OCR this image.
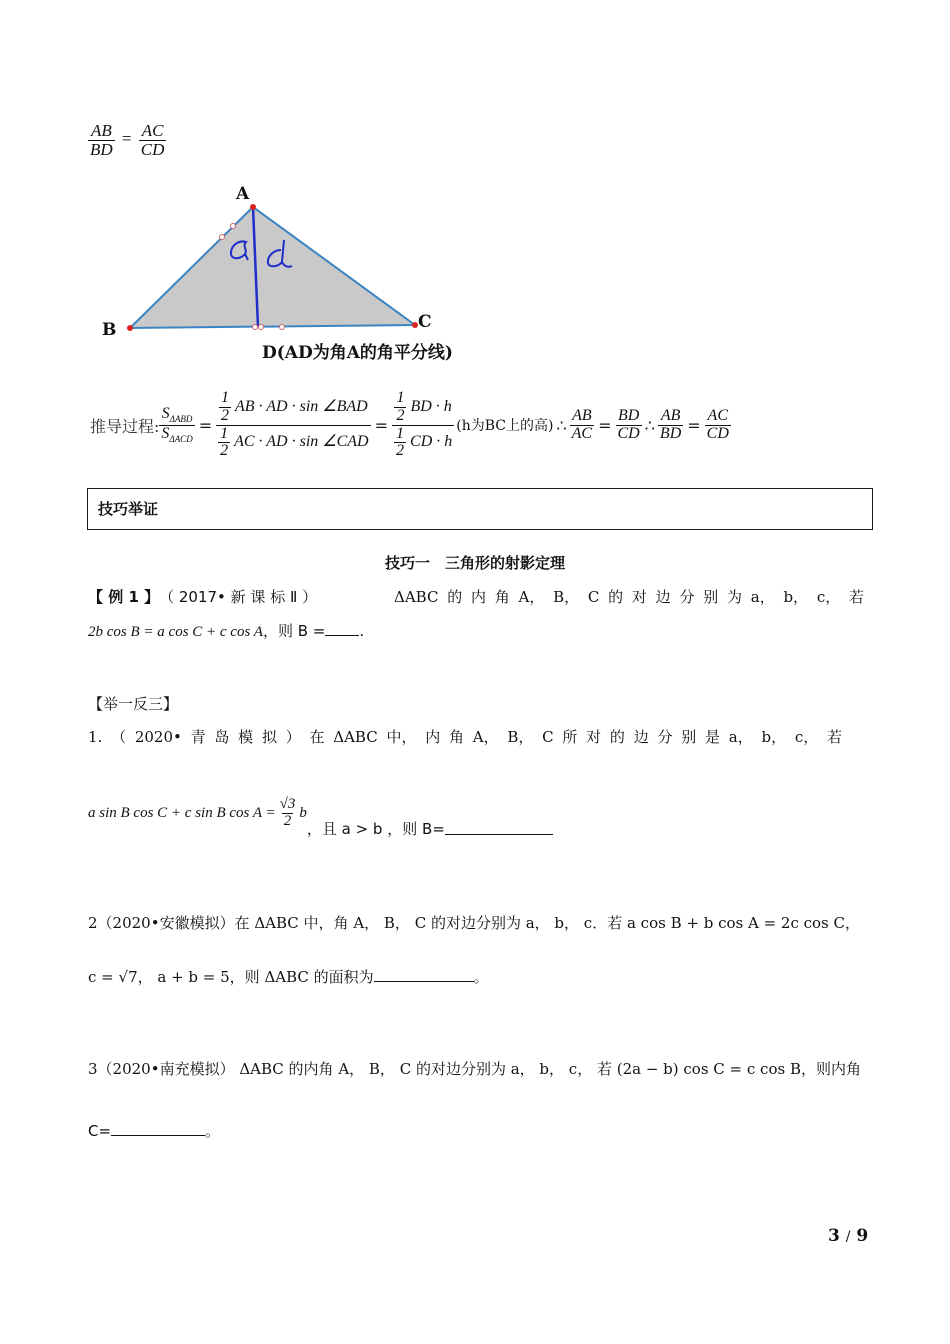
$\frac{AB}{BD} = \frac{AC}{CD}$
A
B	C
D(AD为角A的角平分线)
推导过程: $\frac{S_{\Delta ABD}}{S_{\Delta ACD}} = \frac{\frac{1}{2} AB \cdot AD \cdot \sin \angle BAD}{\frac{1}{2} AC \cdot AD \cdot \sin \angle CAD} = \frac{\frac{1}{2} BD \cdot h}{\frac{1}{2} CD \cdot h} (h$为BC上的高) ∴ $\frac{AB}{AC} = \frac{BD}{CD}$ ∴ $\frac{AB}{BD} = \frac{AC}{CD}$
技巧举证
技巧一　三角形的射影定理
【 例 1 】 （ 2017• 新 课 标 Ⅱ ）	ΔABC 的 内 角 A， B， C 的 对 边 分 别 为 a， b， c， 若
2b cos B = a cos C + c cos A，则 B = .
【举一反三】
1. （ 2020• 青 岛 模 拟 ） 在 ΔABC 中， 内 角 A， B， C 所 对 的 边 分 别 是 a， b， c， 若
a sin B cos C + c sin B $\cos A = \frac{√3}{2}$ b
，且 a > b ，则 B=
2（2020•安徽模拟）在 ΔABC 中，角 A， B， C 的对边分别为 a， b， c．若 a cos B + b cos A = 2c cos C，
c = √7， a + b = 5，则 ΔABC 的面积为	。
3（2020•南充模拟） ΔABC 的内角 A， B， C 的对边分别为 a， b， c， 若 (2a − b) cos C = c cos B，则内角
C=	。
3 / 9
